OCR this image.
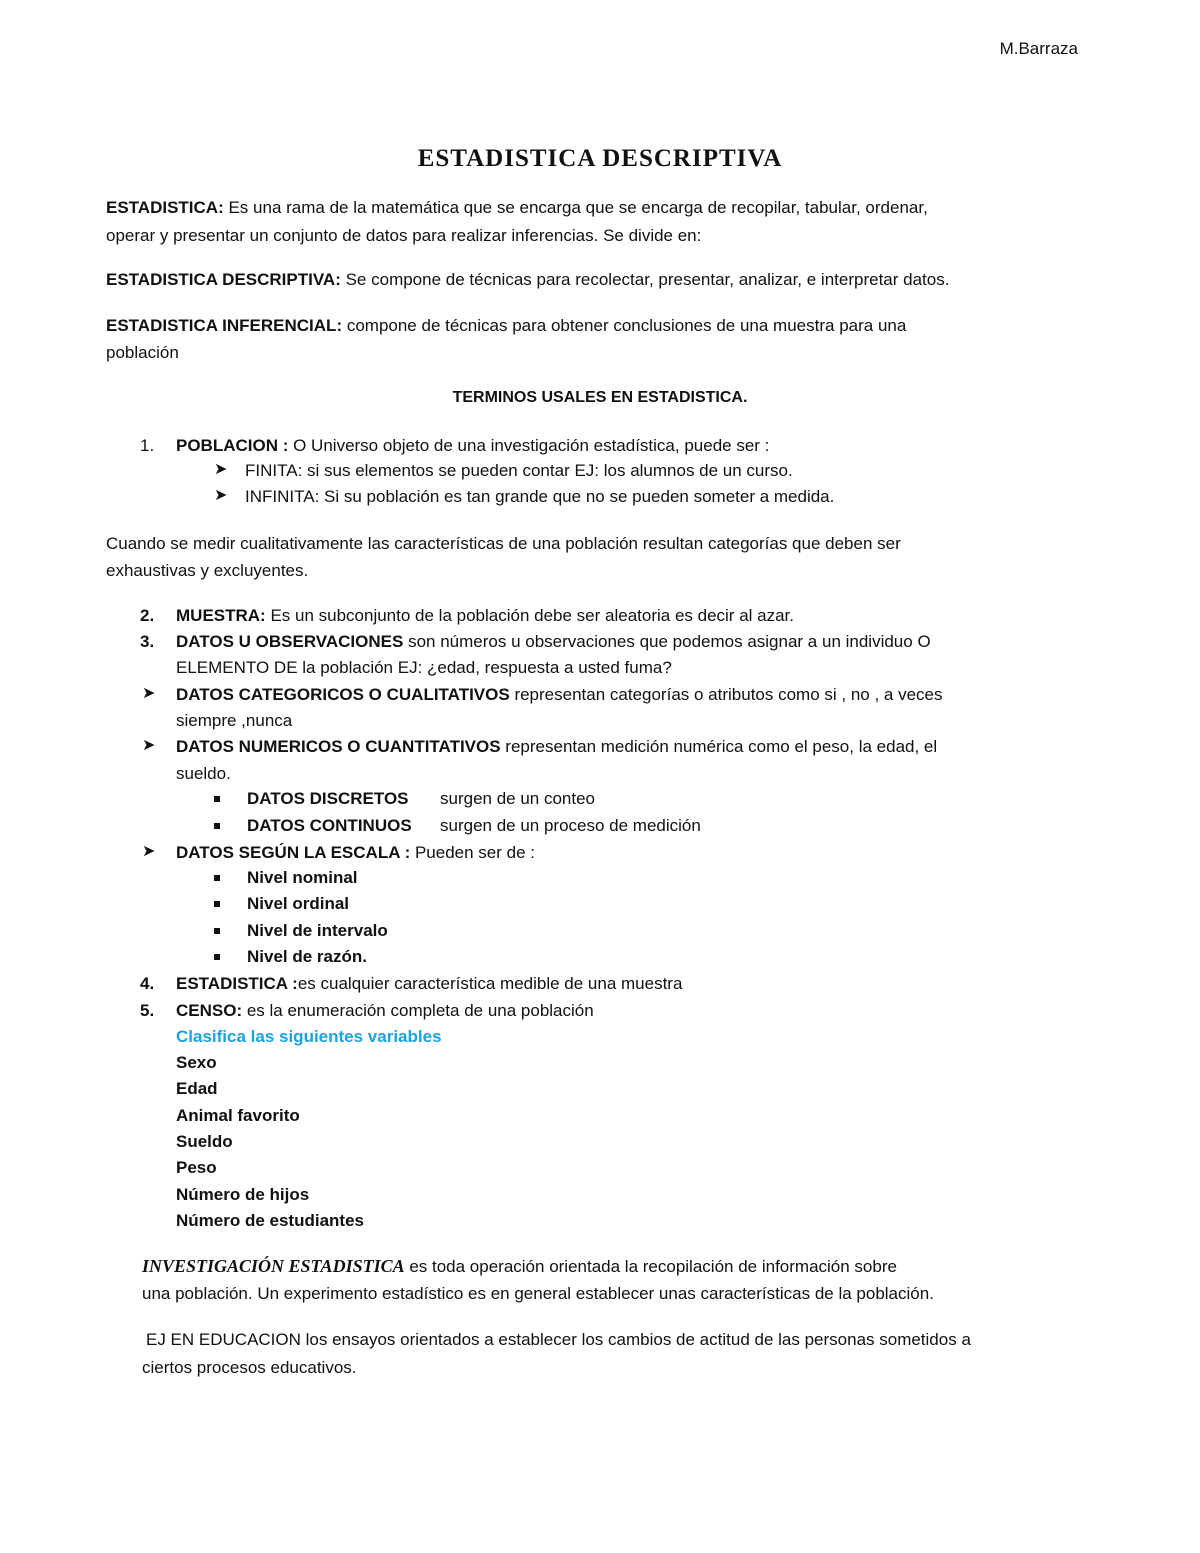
M.Barraza
ESTADISTICA DESCRIPTIVA
ESTADISTICA: Es una rama de la matemática que se encarga que se encarga de recopilar, tabular, ordenar,
operar y presentar un conjunto de datos para realizar inferencias. Se divide en:
ESTADISTICA DESCRIPTIVA: Se compone de técnicas para recolectar, presentar, analizar, e interpretar datos.
ESTADISTICA INFERENCIAL: compone de técnicas para obtener conclusiones de una muestra para una
población
TERMINOS USALES EN ESTADISTICA.
1. POBLACION : O Universo objeto de una investigación estadística, puede ser :
➤ FINITA: si sus elementos se pueden contar EJ: los alumnos de un curso.
➤ INFINITA: Si su población es tan grande que no se pueden someter a medida.
Cuando se medir cualitativamente las características de una población resultan categorías que deben ser
exhaustivas y excluyentes.
2. MUESTRA: Es un subconjunto de la población debe ser aleatoria es decir al azar.
3. DATOS U OBSERVACIONES son números u observaciones que podemos asignar a un individuo O
ELEMENTO DE la población EJ: ¿edad, respuesta a usted fuma?
➤ DATOS CATEGORICOS O CUALITATIVOS representan categorías o atributos como si , no , a veces
siempre ,nunca
➤ DATOS NUMERICOS O CUANTITATIVOS representan medición numérica como el peso, la edad, el
sueldo.
DATOS DISCRETOS surgen de un conteo
DATOS CONTINUOS surgen de un proceso de medición
➤ DATOS SEGÚN LA ESCALA : Pueden ser de :
Nivel nominal
Nivel ordinal
Nivel de intervalo
Nivel de razón.
4. ESTADISTICA :es cualquier característica medible de una muestra
5. CENSO: es la enumeración completa de una población
Clasifica las siguientes variables
Sexo
Edad
Animal favorito
Sueldo
Peso
Número de hijos
Número de estudiantes
INVESTIGACIÓN ESTADISTICA es toda operación orientada la recopilación de información sobre
una población. Un experimento estadístico es en general establecer unas características de la población.
EJ EN EDUCACION los ensayos orientados a establecer los cambios de actitud de las personas sometidos a
ciertos procesos educativos.
